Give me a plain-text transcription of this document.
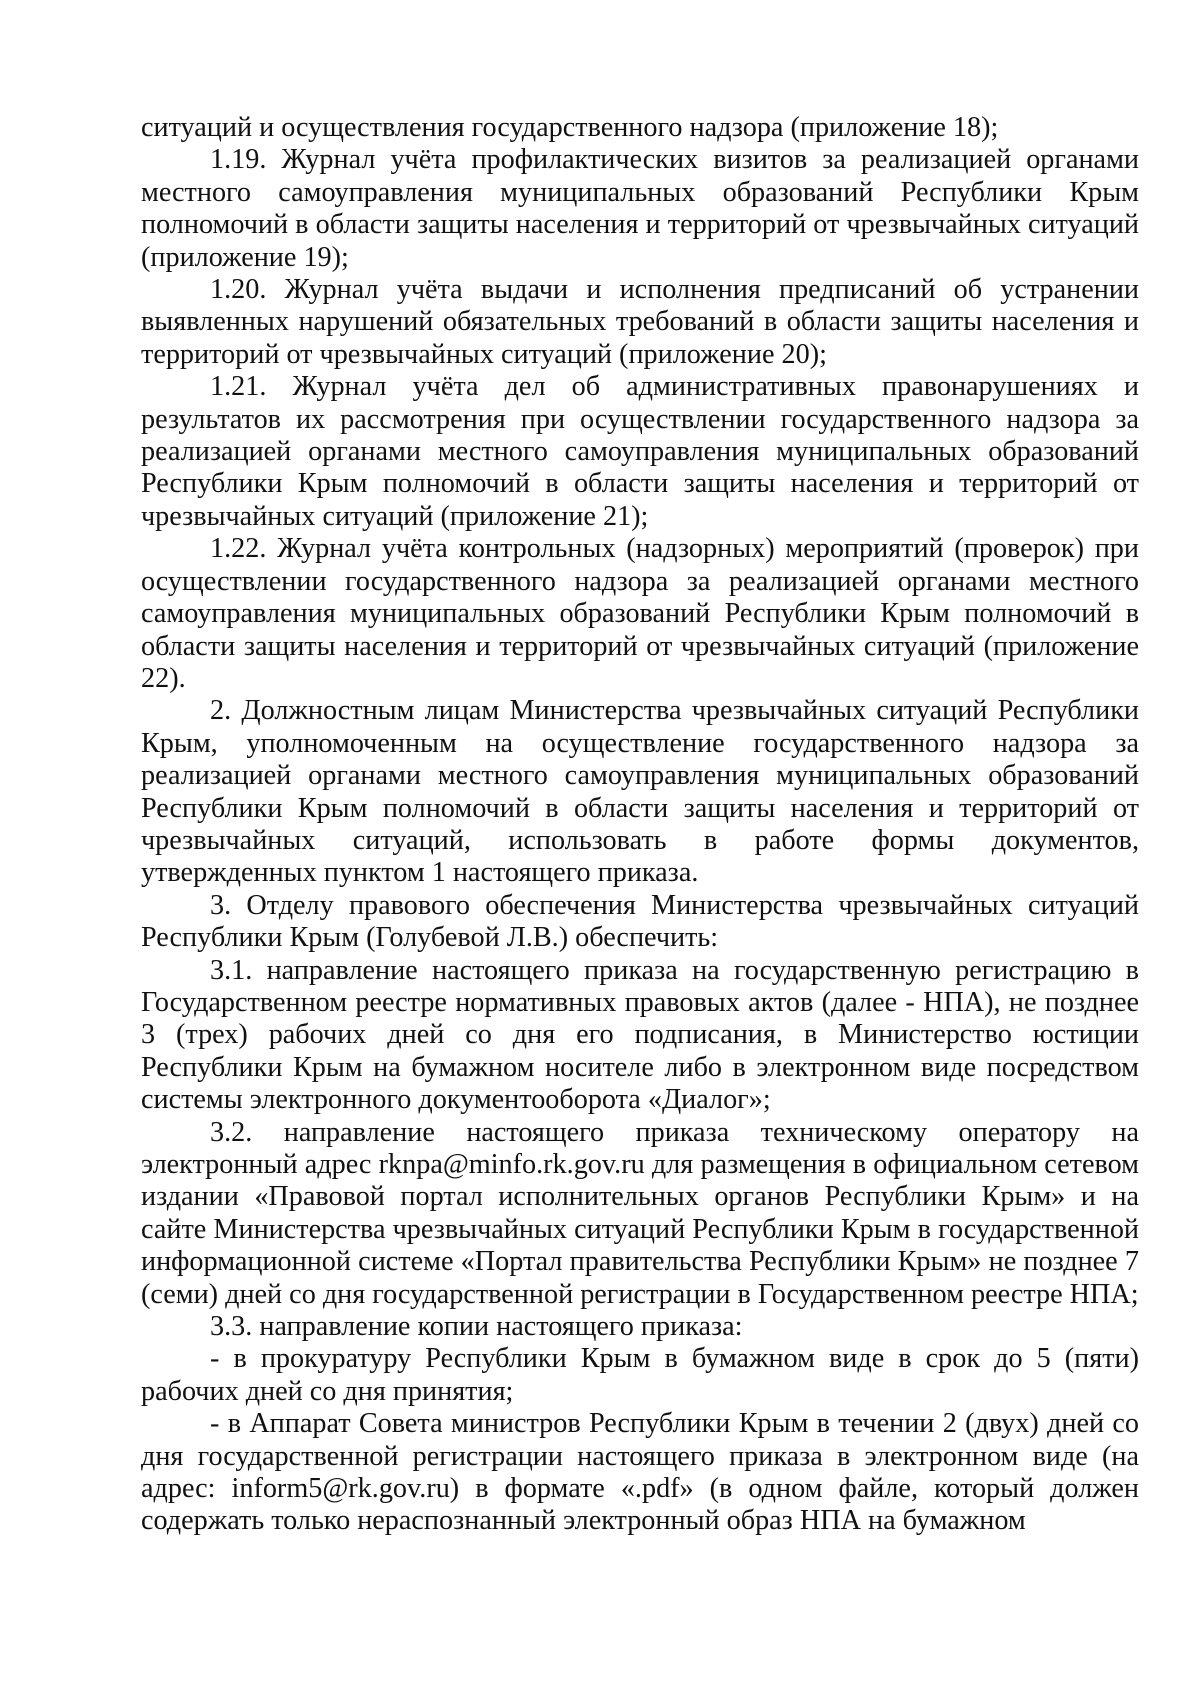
ситуаций и осуществления государственного надзора (приложение 18);

1.19. Журнал учёта профилактических визитов за реализацией органами местного самоуправления муниципальных образований Республики Крым полномочий в области защиты населения и территорий от чрезвычайных ситуаций (приложение 19);

1.20. Журнал учёта выдачи и исполнения предписаний об устранении выявленных нарушений обязательных требований в области защиты населения и территорий от чрезвычайных ситуаций (приложение 20);

1.21. Журнал учёта дел об административных правонарушениях и результатов их рассмотрения при осуществлении государственного надзора за реализацией органами местного самоуправления муниципальных образований Республики Крым полномочий в области защиты населения и территорий от чрезвычайных ситуаций (приложение 21);

1.22. Журнал учёта контрольных (надзорных) мероприятий (проверок) при осуществлении государственного надзора за реализацией органами местного самоуправления муниципальных образований Республики Крым полномочий в области защиты населения и территорий от чрезвычайных ситуаций (приложение 22).

2. Должностным лицам Министерства чрезвычайных ситуаций Республики Крым, уполномоченным на осуществление государственного надзора за реализацией органами местного самоуправления муниципальных образований Республики Крым полномочий в области защиты населения и территорий от чрезвычайных ситуаций, использовать в работе формы документов, утвержденных пунктом 1 настоящего приказа.

3. Отделу правового обеспечения Министерства чрезвычайных ситуаций Республики Крым (Голубевой Л.В.) обеспечить:

3.1. направление настоящего приказа на государственную регистрацию в Государственном реестре нормативных правовых актов (далее - НПА), не позднее 3 (трех) рабочих дней со дня его подписания, в Министерство юстиции Республики Крым на бумажном носителе либо в электронном виде посредством системы электронного документооборота «Диалог»;

3.2. направление настоящего приказа техническому оператору на электронный адрес rknpa@minfo.rk.gov.ru для размещения в официальном сетевом издании «Правовой портал исполнительных органов Республики Крым» и на сайте Министерства чрезвычайных ситуаций Республики Крым в государственной информационной системе «Портал правительства Республики Крым» не позднее 7 (семи) дней со дня государственной регистрации в Государственном реестре НПА;

3.3. направление копии настоящего приказа:

- в прокуратуру Республики Крым в бумажном виде в срок до 5 (пяти) рабочих дней со дня принятия;

- в Аппарат Совета министров Республики Крым в течении 2 (двух) дней со дня государственной регистрации настоящего приказа в электронном виде (на адрес: inform5@rk.gov.ru) в формате «.pdf» (в одном файле, который должен содержать только нераспознанный электронный образ НПА на бумажном
